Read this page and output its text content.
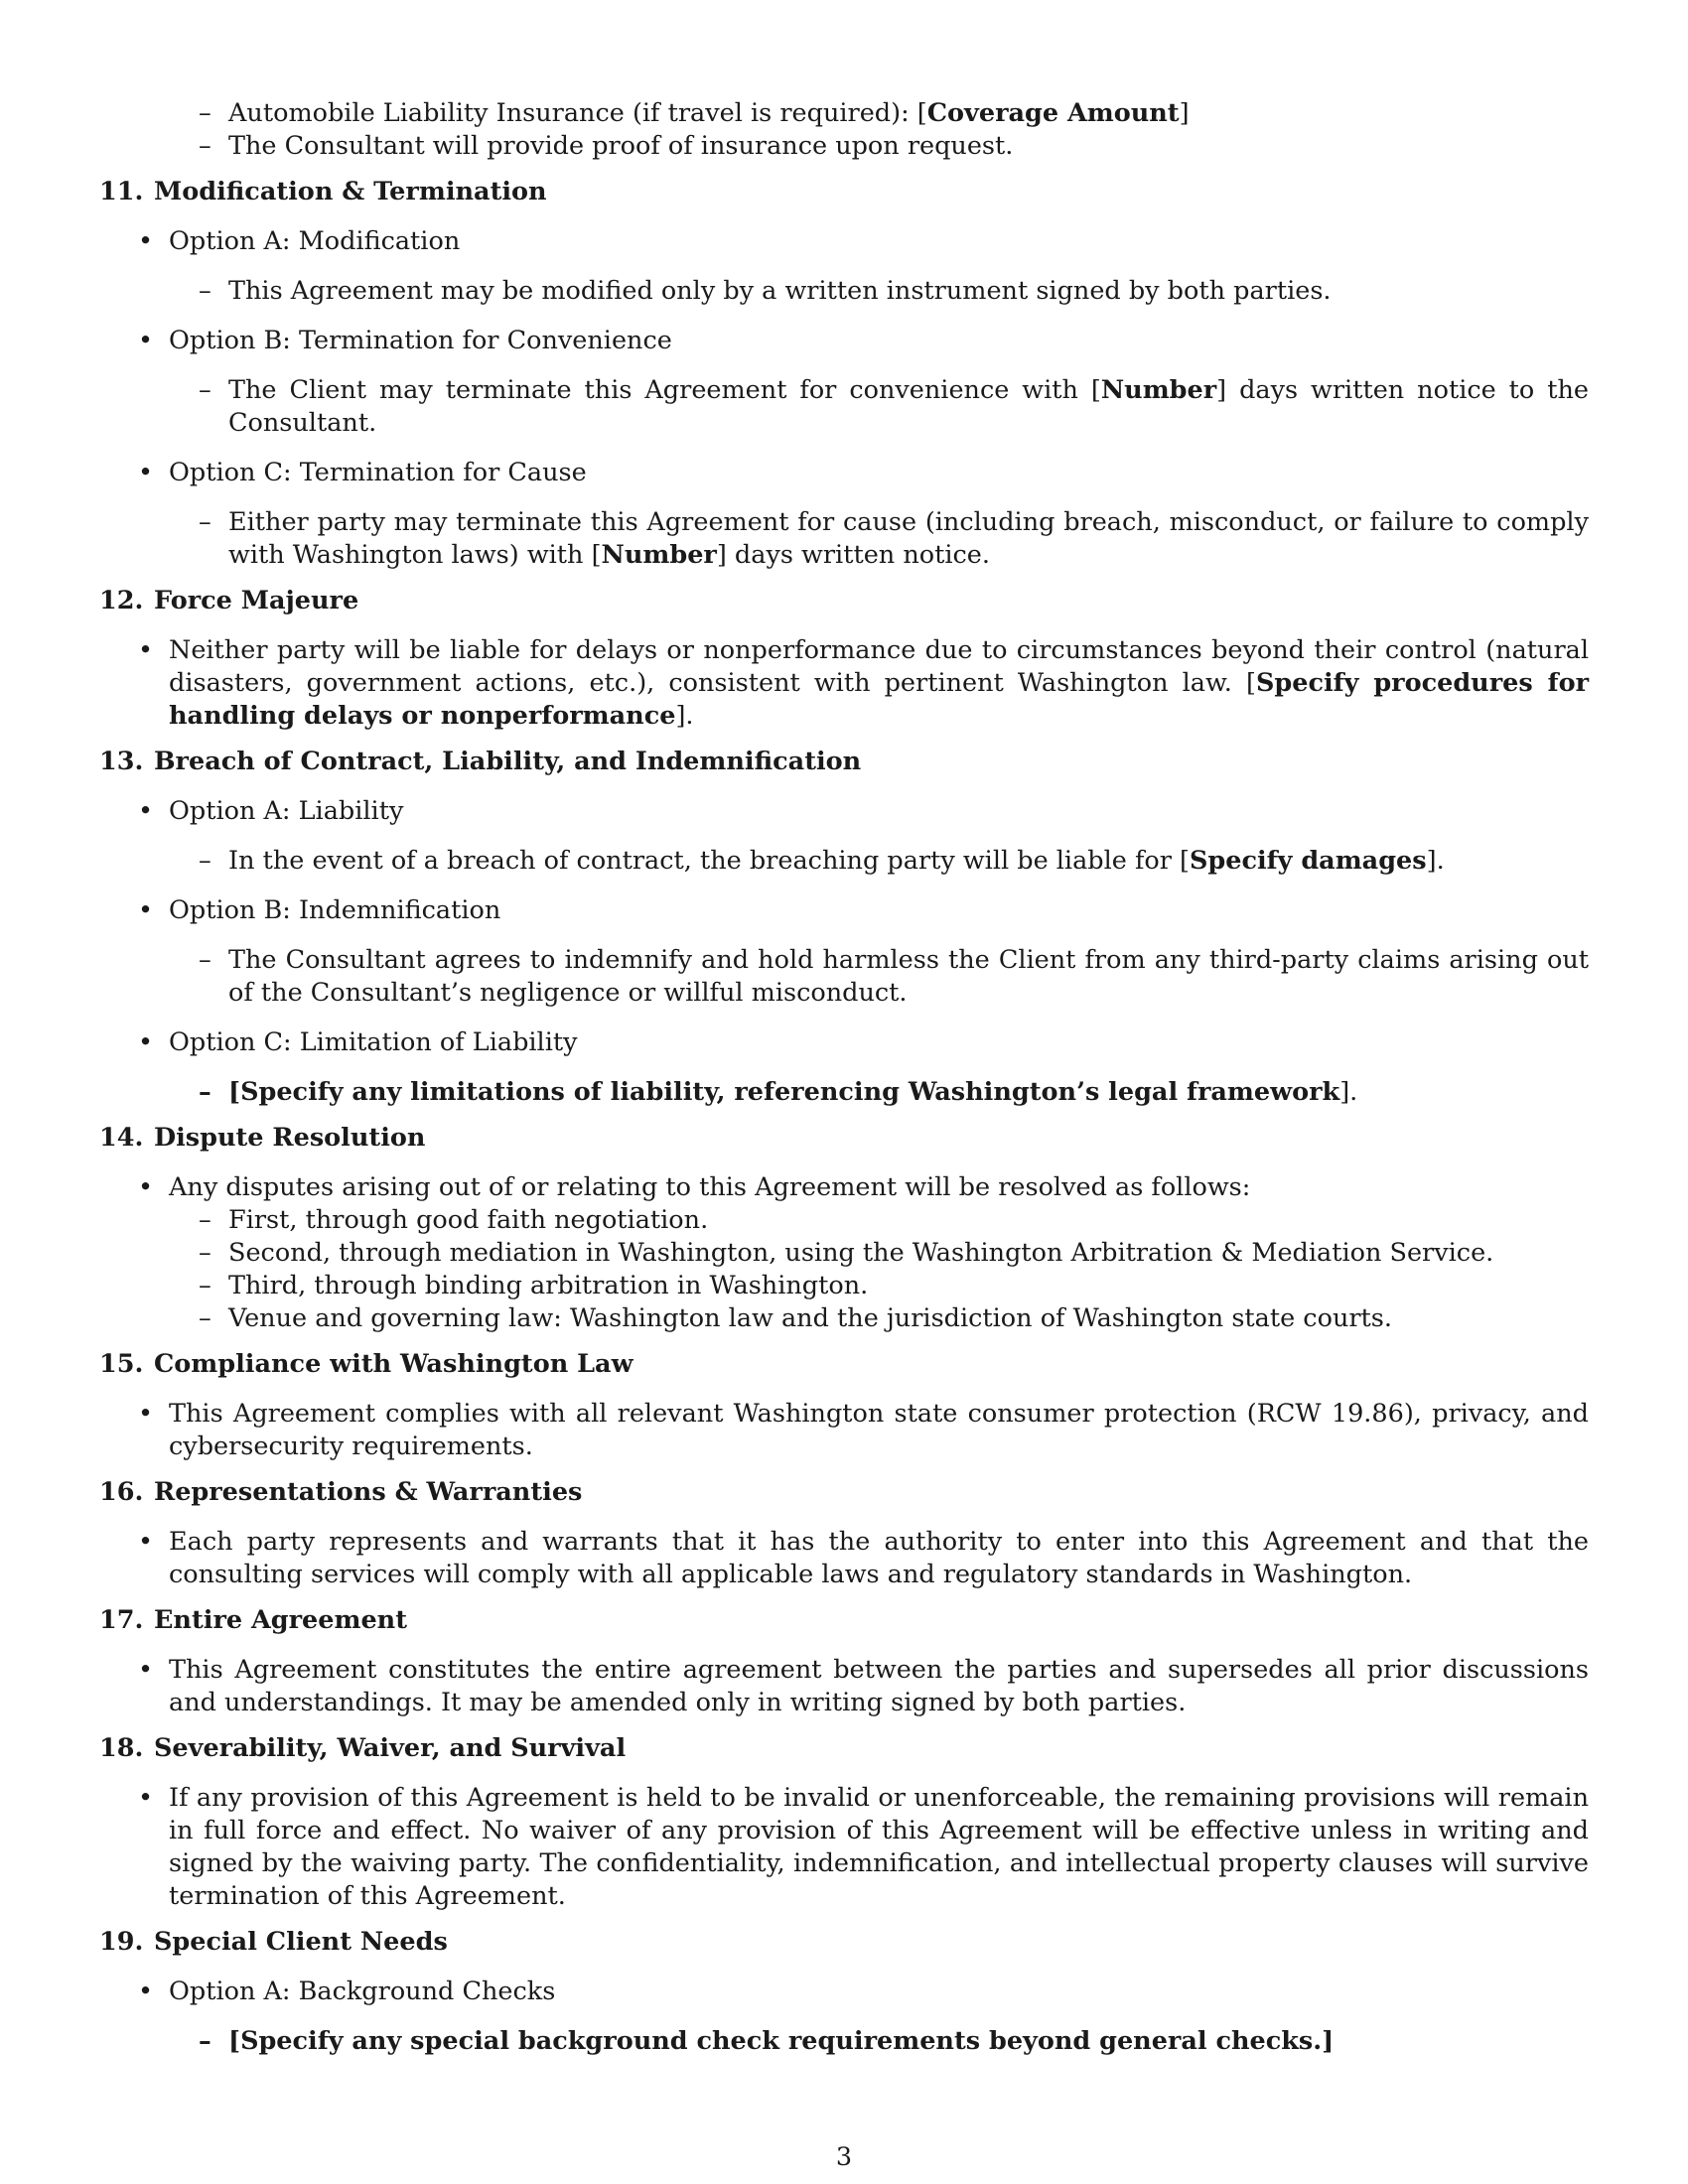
– Automobile Liability Insurance (if travel is required): [Coverage Amount]
– The Consultant will provide proof of insurance upon request.
11. Modification & Termination
• Option A: Modification
– This Agreement may be modified only by a written instrument signed by both parties.
• Option B: Termination for Convenience
– The Client may terminate this Agreement for convenience with [Number] days written notice to the Consultant.
• Option C: Termination for Cause
– Either party may terminate this Agreement for cause (including breach, misconduct, or failure to comply with Washington laws) with [Number] days written notice.
12. Force Majeure
• Neither party will be liable for delays or nonperformance due to circumstances beyond their control (natural disasters, government actions, etc.), consistent with pertinent Washington law. [Specify procedures for handling delays or nonperformance].
13. Breach of Contract, Liability, and Indemnification
• Option A: Liability
– In the event of a breach of contract, the breaching party will be liable for [Specify damages].
• Option B: Indemnification
– The Consultant agrees to indemnify and hold harmless the Client from any third-party claims arising out of the Consultant’s negligence or willful misconduct.
• Option C: Limitation of Liability
– [Specify any limitations of liability, referencing Washington’s legal framework].
14. Dispute Resolution
• Any disputes arising out of or relating to this Agreement will be resolved as follows:
– First, through good faith negotiation.
– Second, through mediation in Washington, using the Washington Arbitration & Mediation Service.
– Third, through binding arbitration in Washington.
– Venue and governing law: Washington law and the jurisdiction of Washington state courts.
15. Compliance with Washington Law
• This Agreement complies with all relevant Washington state consumer protection (RCW 19.86), privacy, and cybersecurity requirements.
16. Representations & Warranties
• Each party represents and warrants that it has the authority to enter into this Agreement and that the consulting services will comply with all applicable laws and regulatory standards in Washington.
17. Entire Agreement
• This Agreement constitutes the entire agreement between the parties and supersedes all prior discussions and understandings. It may be amended only in writing signed by both parties.
18. Severability, Waiver, and Survival
• If any provision of this Agreement is held to be invalid or unenforceable, the remaining provisions will remain in full force and effect. No waiver of any provision of this Agreement will be effective unless in writing and signed by the waiving party. The confidentiality, indemnification, and intellectual property clauses will survive termination of this Agreement.
19. Special Client Needs
• Option A: Background Checks
– [Specify any special background check requirements beyond general checks.]
3
